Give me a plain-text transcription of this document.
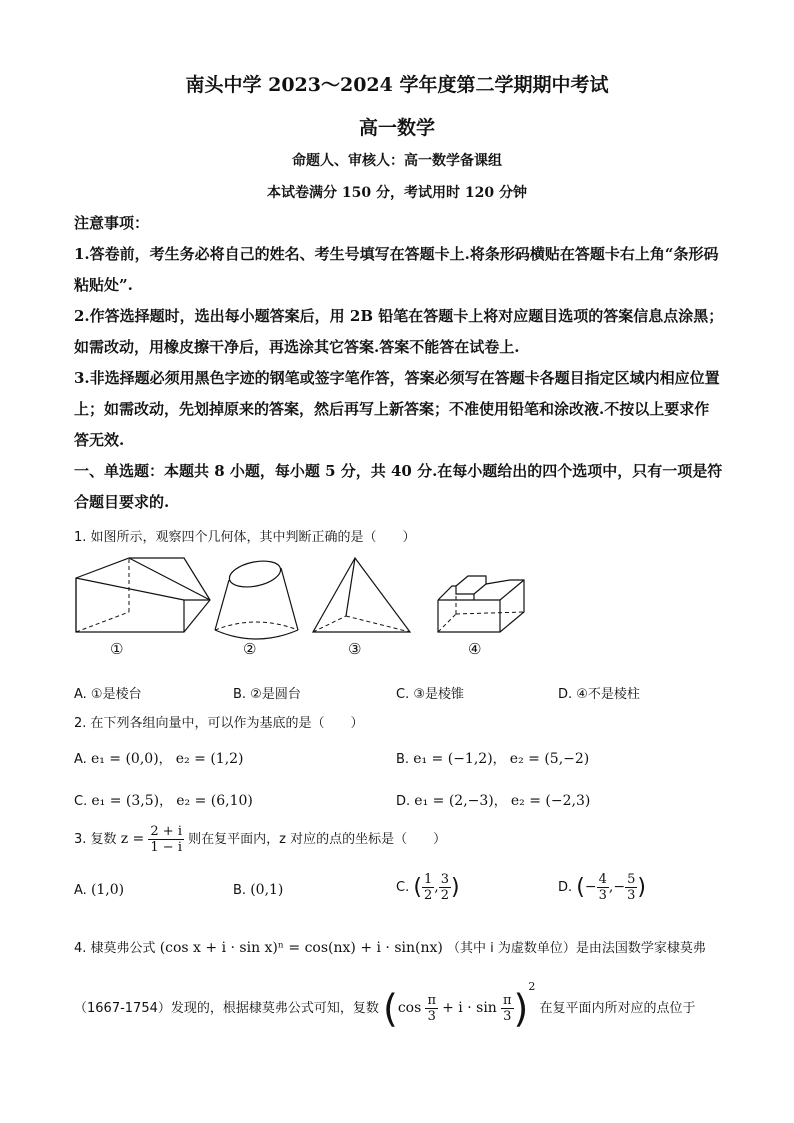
南头中学 2023～2024 学年度第二学期期中考试
高一数学
命题人、审核人：高一数学备课组
本试卷满分 150 分，考试用时 120 分钟
注意事项：
1.答卷前，考生务必将自己的姓名、考生号填写在答题卡上.将条形码横贴在答题卡右上角“条形码粘贴处”.
2.作答选择题时，选出每小题答案后，用 2B 铅笔在答题卡上将对应题目选项的答案信息点涂黑；如需改动，用橡皮擦干净后，再选涂其它答案.答案不能答在试卷上.
3.非选择题必须用黑色字迹的钢笔或签字笔作答，答案必须写在答题卡各题目指定区域内相应位置上；如需改动，先划掉原来的答案，然后再写上新答案；不准使用铅笔和涂改液.不按以上要求作答无效.
一、单选题：本题共 8 小题，每小题 5 分，共 40 分.在每小题给出的四个选项中，只有一项是符合题目要求的.
1. 如图所示，观察四个几何体，其中判断正确的是（　　）
①	②	③	④
A. ①是棱台	B. ②是圆台	C. ③是棱锥	D. ④不是棱柱
2. 在下列各组向量中，可以作为基底的是（　　）
A. e₁ = (0,0)， e₂ = (1,2)	B. e₁ = (−1,2)， e₂ = (5,−2)
C. e₁ = (3,5)， e₂ = (6,10)	D. e₁ = (2,−3)， e₂ = (−2,3)
3. 复数 $z = \frac{2 + i}{1 - i}$ 则在复平面内，z 对应的点的坐标是（　　）
A. (1,0)	B. (0,1)	C. ( $\frac{1}{2}$ , $\frac{3}{2}$ )	D. (− $\frac{4}{3}$ ,− $\frac{5}{3}$ )
4. 棣莫弗公式 (cos x + i · sin x)ⁿ = cos(nx) + i · sin(nx) （其中 i 为虚数单位）是由法国数学家棣莫弗
（1667-1754）发现的，根据棣莫弗公式可知，复数 $(\cos \frac{\pi}{3} + i \cdot \sin \frac{\pi}{3} )^2$ 在复平面内所对应的点位于
